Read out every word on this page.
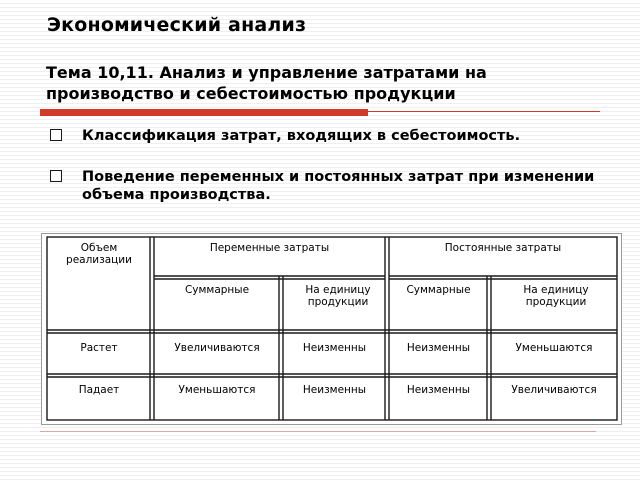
Экономический анализ
Тема 10,11. Анализ и управление затратами на производство и себестоимостью продукции
Классификация затрат, входящих в себестоимость.
Поведение переменных и постоянных затрат при изменении объема производства.
Объем реализации
Переменные затраты	Постоянные затраты
Суммарные	На единицу продукции
Суммарные	На единицу продукции
Растет	Увеличиваются	Неизменны	Неизменны	Уменьшаются
Падает	Уменьшаются	Неизменны	Неизменны	Увеличиваются
